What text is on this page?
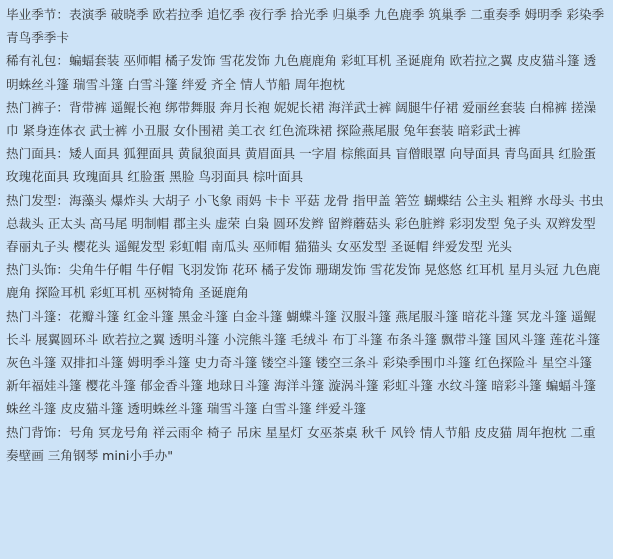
毕业季节：表演季 破晓季 欧若拉季 追忆季 夜行季 拾光季 归巢季 九色鹿季 筑巢季 二重奏季 姆明季 彩染季 青鸟季季卡
稀有礼包：蝙蝠套装 巫师帽 橘子发饰 雪花发饰 九色鹿鹿角 彩虹耳机 圣诞鹿角 欧若拉之翼 皮皮猫斗篷 透明蛛丝斗篷 瑞雪斗篷 白雪斗篷 绊爱 齐全 情人节船 周年抱枕
热门裤子：背带裤 遥鲲长袍 绑带舞服 奔月长袍 妮妮长裙 海洋武士裤 阔腿牛仔裙 爱丽丝套装 白棉裤 搓澡巾 紧身连体衣 武士裤 小丑服 女仆围裙 美工衣 红色流珠裙 探险燕尾服 兔年套装 暗彩武士裤
热门面具：矮人面具 狐狸面具 黄鼠狼面具 黄眉面具 一字眉 棕熊面具 盲僧眼罩 向导面具 青鸟面具 红脸蛋 玫瑰花面具 玫瑰面具 红脸蛋 黑脸 鸟羽面具 棕叶面具
热门发型：海藻头 爆炸头 大胡子 小飞象 雨妈 卡卡 平菇 龙骨 指甲盖 箬笠 蝴蝶结 公主头 粗辫 水母头 书虫 总裁头 正太头 高马尾 明制帽 郡主头 虚荣 白枭 圆环发辫 留辫蘑菇头 彩色脏辫 彩羽发型 兔子头 双辫发型 春丽丸子头 樱花头 遥鲲发型 彩虹帽 南瓜头 巫师帽 猫猫头 女巫发型 圣诞帽 绊爱发型 光头
热门头饰：尖角牛仔帽 牛仔帽 飞羽发饰 花环 橘子发饰 珊瑚发饰 雪花发饰 晃悠悠 红耳机 星月头冠 九色鹿鹿角 探险耳机 彩虹耳机 巫树犄角 圣诞鹿角
热门斗篷：花瓣斗篷 红金斗篷 黑金斗篷 白金斗篷 蝴蝶斗篷 汉服斗篷 燕尾服斗篷 暗花斗篷 冥龙斗篷 遥鲲长斗 展翼圆环斗 欧若拉之翼 透明斗篷 小浣熊斗篷 毛绒斗 布丁斗篷 布条斗篷 飘带斗篷 国风斗篷 莲花斗篷 灰色斗篷 双排扣斗篷 姆明季斗篷 史力奇斗篷 镂空斗篷 镂空三条斗 彩染季围巾斗篷 红色探险斗 星空斗篷 新年福娃斗篷 樱花斗篷 郁金香斗篷 地球日斗篷 海洋斗篷 漩涡斗篷 彩虹斗篷 水纹斗篷 暗彩斗篷 蝙蝠斗篷 蛛丝斗篷 皮皮猫斗篷 透明蛛丝斗篷 瑞雪斗篷 白雪斗篷 绊爱斗篷
热门背饰：号角 冥龙号角 祥云雨伞 椅子 吊床 星星灯 女巫茶桌 秋千 风铃 情人节船 皮皮猫 周年抱枕 二重奏壁画 三角钢琴 mini小手办"
